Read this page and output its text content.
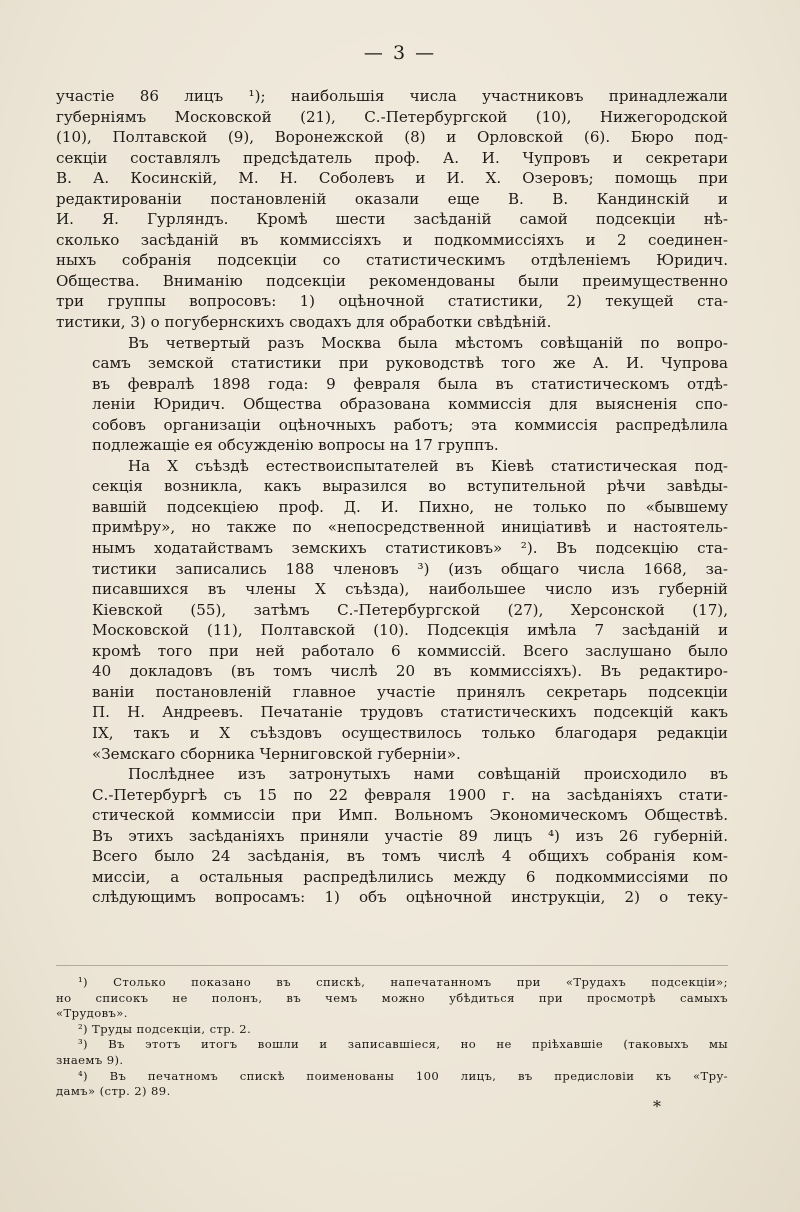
— 3 —

участіе 86 лицъ ¹); наибольшія числа участниковъ принадлежали
губерніямъ Московской (21), С.-Петербургской (10), Нижегородской
(10), Полтавской (9), Воронежской (8) и Орловской (6). Бюро под-
секціи составлялъ предсѣдатель проф. А. И. Чупровъ и секретари
В. А. Косинскій, М. Н. Соболевъ и И. Х. Озеровъ; помощь при
редактированіи постановленій оказали еще В. В. Кандинскій и
И. Я. Гурляндъ. Кромѣ шести засѣданій самой подсекціи нѣ-
сколько засѣданій въ коммиссіяхъ и подкоммиссіяхъ и 2 соединен-
ныхъ собранія подсекціи со статистическимъ отдѣленіемъ Юридич.
Общества. Вниманію подсекціи рекомендованы были преимущественно
три группы вопросовъ: 1) оцѣночной статистики, 2) текущей ста-
тистики, 3) о погубернскихъ сводахъ для обработки свѣдѣній.

Въ четвертый разъ Москва была мѣстомъ совѣщаній по вопро-
самъ земской статистики при руководствѣ того же А. И. Чупрова
въ февралѣ 1898 года: 9 февраля была въ статистическомъ отдѣ-
леніи Юридич. Общества образована коммиссія для выясненія спо-
собовъ организаціи оцѣночныхъ работъ; эта коммиссія распредѣлила
подлежащіе ея обсужденію вопросы на 17 группъ.

На X съѣздѣ естествоиспытателей въ Кіевѣ статистическая под-
секція возникла, какъ выразился во вступительной рѣчи завѣды-
вавшій подсекціею проф. Д. И. Пихно, не только по «бывшему
примѣру», но также по «непосредственной иниціативѣ и настоятель-
нымъ ходатайствамъ земскихъ статистиковъ» ²). Въ подсекцію ста-
тистики записались 188 членовъ ³) (изъ общаго числа 1668, за-
писавшихся въ члены X съѣзда), наибольшее число изъ губерній
Кіевской (55), затѣмъ С.-Петербургской (27), Херсонской (17),
Московской (11), Полтавской (10). Подсекція имѣла 7 засѣданій и
кромѣ того при ней работало 6 коммиссій. Всего заслушано было
40 докладовъ (въ томъ числѣ 20 въ коммиссіяхъ). Въ редактиро-
ваніи постановленій главное участіе принялъ секретарь подсекціи
П. Н. Андреевъ. Печатаніе трудовъ статистическихъ подсекцій какъ
IX, такъ и X съѣздовъ осуществилось только благодаря редакціи
«Земскаго сборника Черниговской губерніи».

Послѣднее изъ затронутыхъ нами совѣщаній происходило въ
С.-Петербургѣ съ 15 по 22 февраля 1900 г. на засѣданіяхъ стати-
стической коммиссіи при Имп. Вольномъ Экономическомъ Обществѣ.
Въ этихъ засѣданіяхъ приняли участіе 89 лицъ ⁴) изъ 26 губерній.
Всего было 24 засѣданія, въ томъ числѣ 4 общихъ собранія ком-
миссіи, а остальныя распредѣлились между 6 подкоммиссіями по
слѣдующимъ вопросамъ: 1) объ оцѣночной инструкціи, 2) о теку-

¹) Столько показано въ спискѣ, напечатанномъ при «Трудахъ подсекціи»;
но списокъ не полонъ, въ чемъ можно убѣдиться при просмотрѣ самыхъ
«Трудовъ».
²) Труды подсекціи, стр. 2.
³) Въ этотъ итогъ вошли и записавшіеся, но не пріѣхавшіе (таковыхъ мы
знаемъ 9).
⁴) Въ печатномъ спискѣ поименованы 100 лицъ, въ предисловіи къ «Тру-
дамъ» (стр. 2) 89.
*
